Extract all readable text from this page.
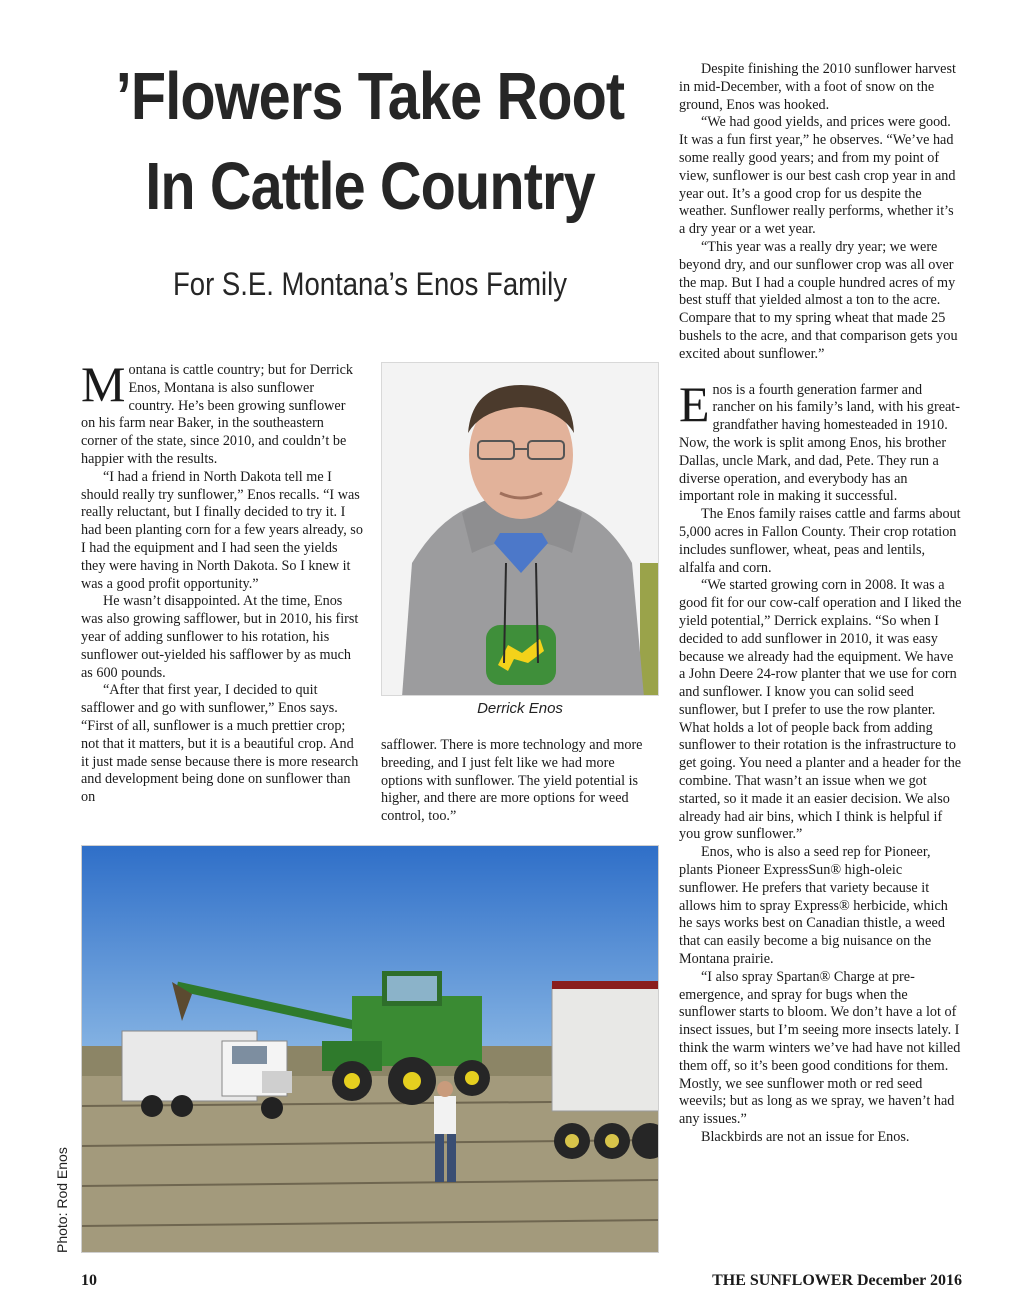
’Flowers Take Root
In Cattle Country
For S.E. Montana’s Enos Family

Montana is cattle country; but for Derrick Enos, Montana is also sunflower country. He’s been growing sunflower on his farm near Baker, in the southeastern corner of the state, since 2010, and couldn’t be happier with the results.

“I had a friend in North Dakota tell me I should really try sunflower,” Enos recalls. “I was really reluctant, but I finally decided to try it. I had been planting corn for a few years already, so I had the equipment and I had seen the yields they were having in North Dakota. So I knew it was a good profit opportunity.”

He wasn’t disappointed. At the time, Enos was also growing safflower, but in 2010, his first year of adding sunflower to his rotation, his sunflower out-yielded his safflower by as much as 600 pounds.

“After that first year, I decided to quit safflower and go with sunflower,” Enos says. “First of all, sunflower is a much prettier crop; not that it matters, but it is a beautiful crop. And it just made sense because there is more research and development being done on sunflower than on

Derrick Enos

safflower. There is more technology and more breeding, and I just felt like we had more options with sunflower. The yield potential is higher, and there are more options for weed control, too.”

Despite finishing the 2010 sunflower harvest in mid-December, with a foot of snow on the ground, Enos was hooked.

“We had good yields, and prices were good. It was a fun first year,” he observes. “We’ve had some really good years; and from my point of view, sunflower is our best cash crop year in and year out. It’s a good crop for us despite the weather. Sunflower really performs, whether it’s a dry year or a wet year.

“This year was a really dry year; we were beyond dry, and our sunflower crop was all over the map. But I had a couple hundred acres of my best stuff that yielded almost a ton to the acre. Compare that to my spring wheat that made 25 bushels to the acre, and that comparison gets you excited about sunflower.”

Enos is a fourth generation farmer and rancher on his family’s land, with his great-grandfather having homesteaded in 1910. Now, the work is split among Enos, his brother Dallas, uncle Mark, and dad, Pete. They run a diverse operation, and everybody has an important role in making it successful.

The Enos family raises cattle and farms about 5,000 acres in Fallon County. Their crop rotation includes sunflower, wheat, peas and lentils, alfalfa and corn.

“We started growing corn in 2008. It was a good fit for our cow-calf operation and I liked the yield potential,” Derrick explains. “So when I decided to add sunflower in 2010, it was easy because we already had the equipment. We have a John Deere 24-row planter that we use for corn and sunflower. I know you can solid seed sunflower, but I prefer to use the row planter. What holds a lot of people back from adding sunflower to their rotation is the infrastructure to get going. You need a planter and a header for the combine. That wasn’t an issue when we got started, so it made it an easier decision. We also already had air bins, which I think is helpful if you grow sunflower.”

Enos, who is also a seed rep for Pioneer, plants Pioneer ExpressSun® high-oleic sunflower. He prefers that variety because it allows him to spray Express® herbicide, which he says works best on Canadian thistle, a weed that can easily become a big nuisance on the Montana prairie.

“I also spray Spartan® Charge at pre-emergence, and spray for bugs when the sunflower starts to bloom. We don’t have a lot of insect issues, but I’m seeing more insects lately. I think the warm winters we’ve had have not killed them off, so it’s been good conditions for them. Mostly, we see sunflower moth or red seed weevils; but as long as we spray, we haven’t had any issues.”

Blackbirds are not an issue for Enos.

Photo: Rod Enos
10	THE SUNFLOWER December 2016
